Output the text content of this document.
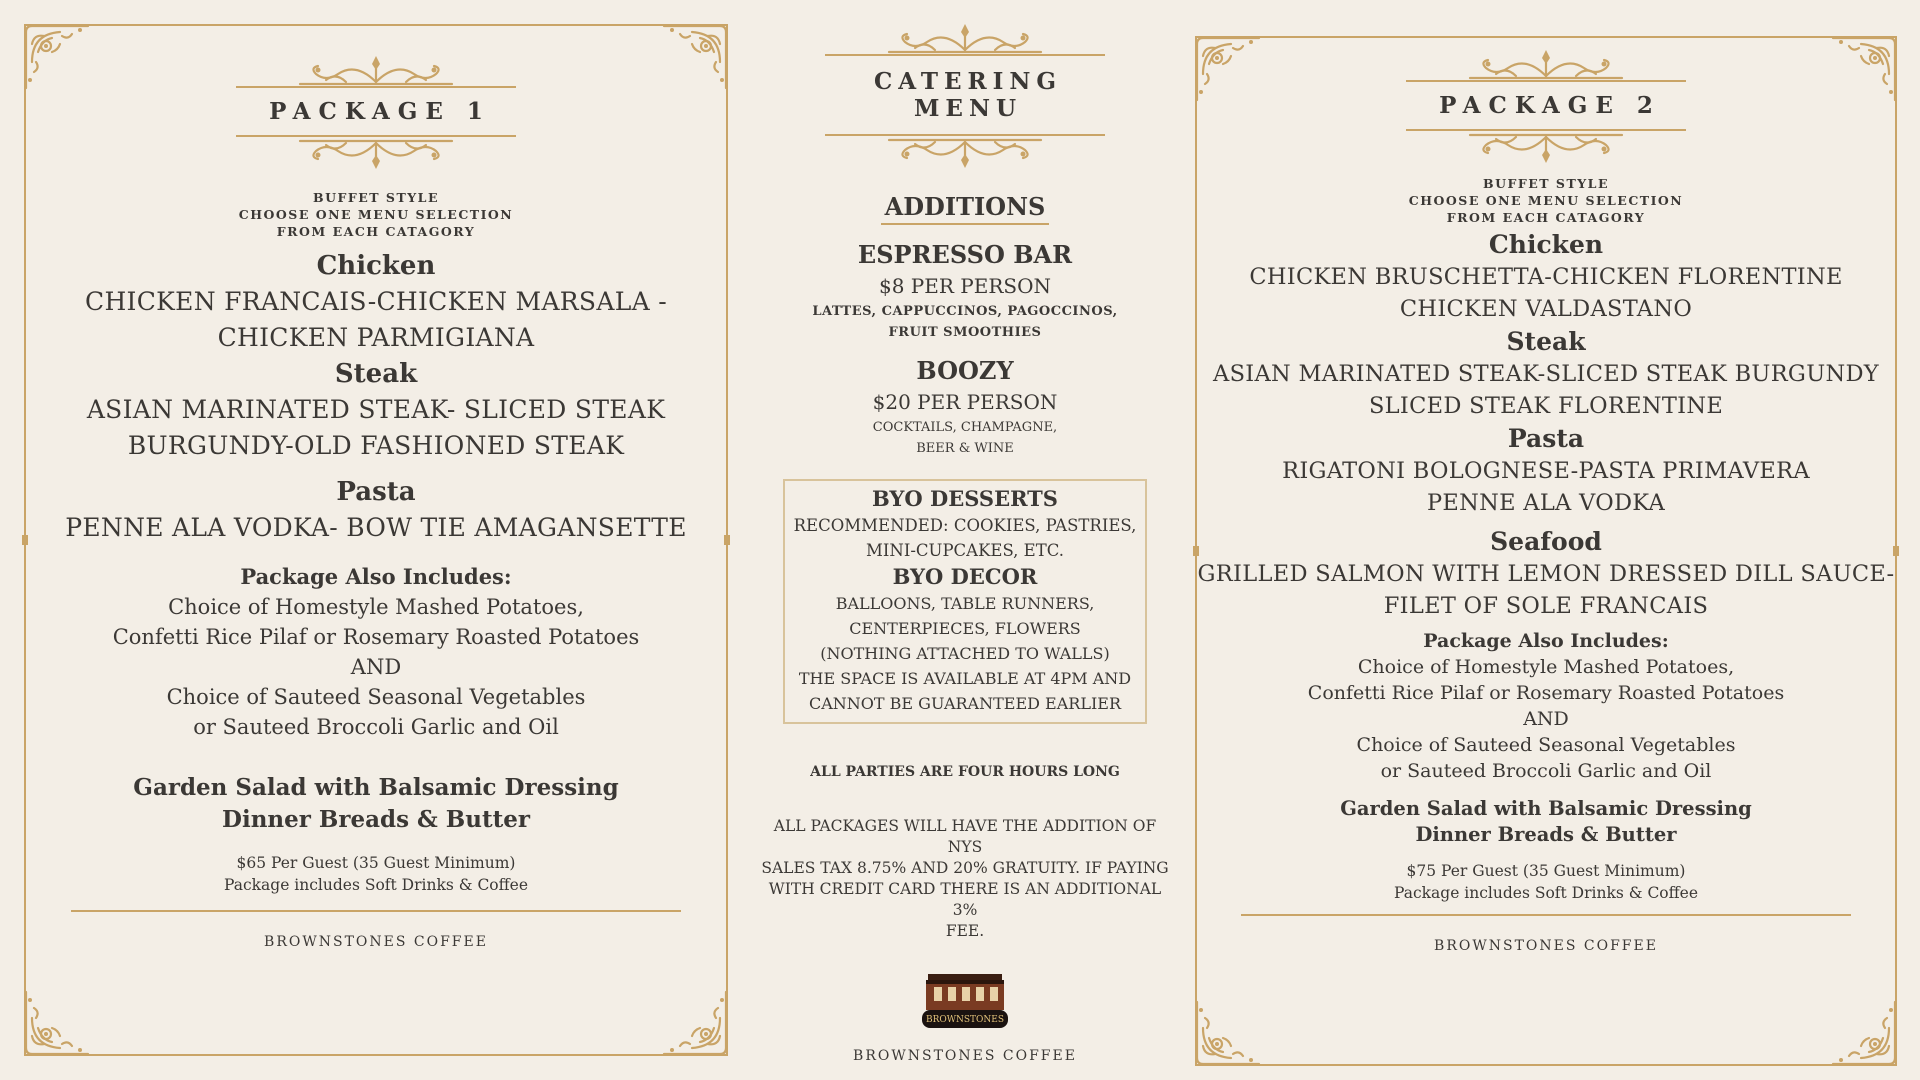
PACKAGE 1
BUFFET STYLE
CHOOSE ONE MENU SELECTION
FROM EACH CATAGORY
Chicken
CHICKEN FRANCAIS-CHICKEN MARSALA -
CHICKEN PARMIGIANA
Steak
ASIAN MARINATED STEAK- SLICED STEAK
BURGUNDY-OLD FASHIONED STEAK
Pasta
PENNE ALA VODKA- BOW TIE AMAGANSETTE
Package Also Includes:
Choice of Homestyle Mashed Potatoes,
Confetti Rice Pilaf or Rosemary Roasted Potatoes
AND
Choice of Sauteed Seasonal Vegetables
or Sauteed Broccoli Garlic and Oil
Garden Salad with Balsamic Dressing
Dinner Breads & Butter
$65 Per Guest (35 Guest Minimum)
Package includes Soft Drinks & Coffee
BROWNSTONES COFFEE
CATERING MENU
ADDITIONS
ESPRESSO BAR
$8 PER PERSON
LATTES, CAPPUCCINOS, PAGOCCINOS,
FRUIT SMOOTHIES
BOOZY
$20 PER PERSON
COCKTAILS, CHAMPAGNE,
BEER & WINE
BYO DESSERTS
RECOMMENDED: COOKIES, PASTRIES,
MINI-CUPCAKES, ETC.
BYO DECOR
BALLOONS, TABLE RUNNERS,
CENTERPIECES, FLOWERS
(NOTHING ATTACHED TO WALLS)
THE SPACE IS AVAILABLE AT 4PM AND
CANNOT BE GUARANTEED EARLIER
ALL PARTIES ARE FOUR HOURS LONG
ALL PACKAGES WILL HAVE THE ADDITION OF NYS
SALES TAX 8.75% AND 20% GRATUITY. IF PAYING
WITH CREDIT CARD THERE IS AN ADDITIONAL 3%
FEE.
BROWNSTONES
BROWNSTONES COFFEE
PACKAGE 2
BUFFET STYLE
CHOOSE ONE MENU SELECTION
FROM EACH CATAGORY
Chicken
CHICKEN BRUSCHETTA-CHICKEN FLORENTINE
CHICKEN VALDASTANO
Steak
ASIAN MARINATED STEAK-SLICED STEAK BURGUNDY
SLICED STEAK FLORENTINE
Pasta
RIGATONI BOLOGNESE-PASTA PRIMAVERA
PENNE ALA VODKA
Seafood
GRILLED SALMON WITH LEMON DRESSED DILL SAUCE-
FILET OF SOLE FRANCAIS
Package Also Includes:
Choice of Homestyle Mashed Potatoes,
Confetti Rice Pilaf or Rosemary Roasted Potatoes
AND
Choice of Sauteed Seasonal Vegetables
or Sauteed Broccoli Garlic and Oil
Garden Salad with Balsamic Dressing
Dinner Breads & Butter
$75 Per Guest (35 Guest Minimum)
Package includes Soft Drinks & Coffee
BROWNSTONES COFFEE
